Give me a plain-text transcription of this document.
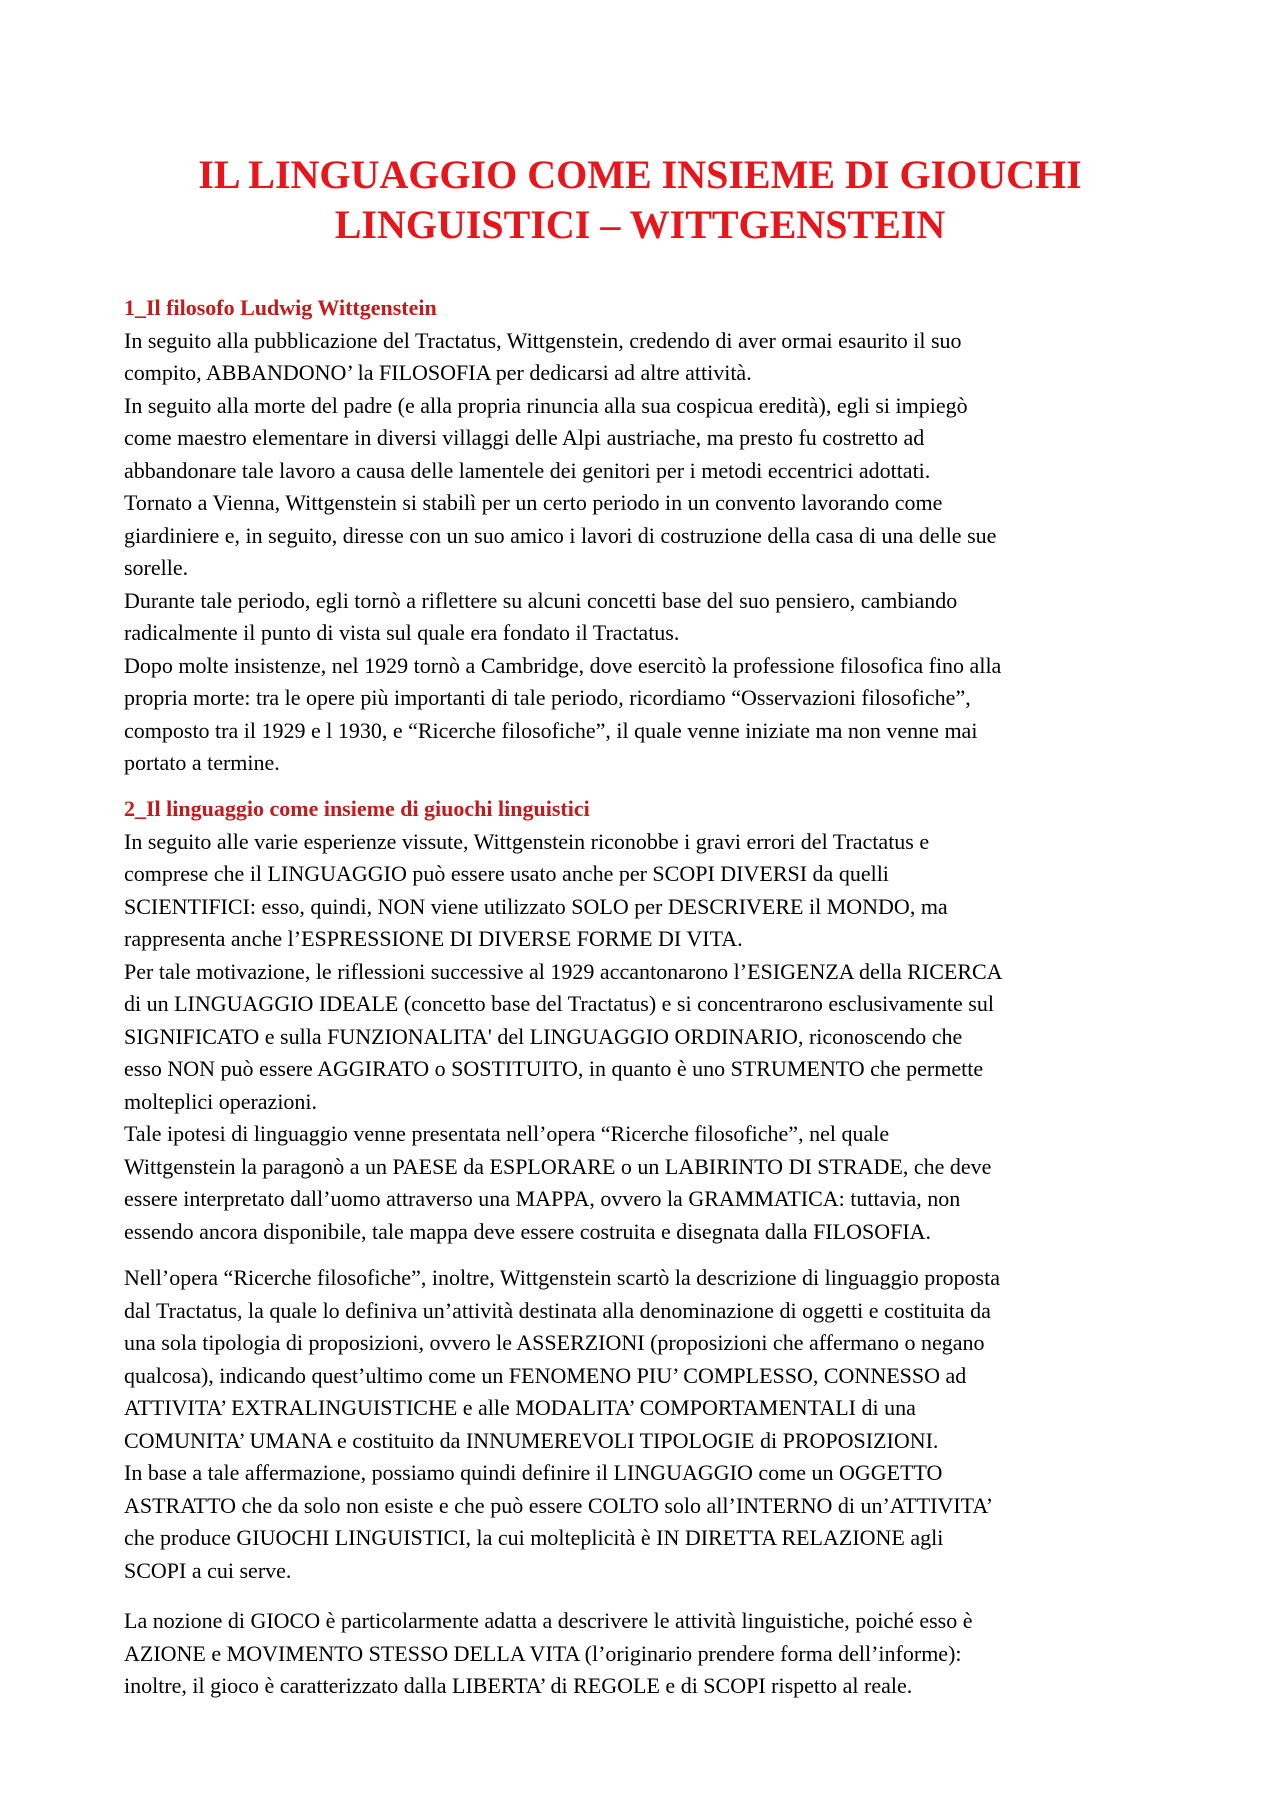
IL LINGUAGGIO COME INSIEME DI GIOUCHI
LINGUISTICI – WITTGENSTEIN

1_Il filosofo Ludwig Wittgenstein

In seguito alla pubblicazione del Tractatus, Wittgenstein, credendo di aver ormai esaurito il suo

compito, ABBANDONO’ la FILOSOFIA per dedicarsi ad altre attività.

In seguito alla morte del padre (e alla propria rinuncia alla sua cospicua eredità), egli si impiegò

come maestro elementare in diversi villaggi delle Alpi austriache, ma presto fu costretto ad

abbandonare tale lavoro a causa delle lamentele dei genitori per i metodi eccentrici adottati.

Tornato a Vienna, Wittgenstein si stabilì per un certo periodo in un convento lavorando come

giardiniere e, in seguito, diresse con un suo amico i lavori di costruzione della casa di una delle sue

sorelle.

Durante tale periodo, egli tornò a riflettere su alcuni concetti base del suo pensiero, cambiando

radicalmente il punto di vista sul quale era fondato il Tractatus.

Dopo molte insistenze, nel 1929 tornò a Cambridge, dove esercitò la professione filosofica fino alla

propria morte: tra le opere più importanti di tale periodo, ricordiamo “Osservazioni filosofiche”,

composto tra il 1929 e l 1930, e “Ricerche filosofiche”, il quale venne iniziate ma non venne mai

portato a termine.

2_Il linguaggio come insieme di giuochi linguistici

In seguito alle varie esperienze vissute, Wittgenstein riconobbe i gravi errori del Tractatus e

comprese che il LINGUAGGIO può essere usato anche per SCOPI DIVERSI da quelli

SCIENTIFICI: esso, quindi, NON viene utilizzato SOLO per DESCRIVERE il MONDO, ma

rappresenta anche l’ESPRESSIONE DI DIVERSE FORME DI VITA.

Per tale motivazione, le riflessioni successive al 1929 accantonarono l’ESIGENZA della RICERCA

di un LINGUAGGIO IDEALE (concetto base del Tractatus) e si concentrarono esclusivamente sul

SIGNIFICATO e sulla FUNZIONALITA' del LINGUAGGIO ORDINARIO, riconoscendo che

esso NON può essere AGGIRATO o SOSTITUITO, in quanto è uno STRUMENTO che permette

molteplici operazioni.

Tale ipotesi di linguaggio venne presentata nell’opera “Ricerche filosofiche”, nel quale

Wittgenstein la paragonò a un PAESE da ESPLORARE o un LABIRINTO DI STRADE, che deve

essere interpretato dall’uomo attraverso una MAPPA, ovvero la GRAMMATICA: tuttavia, non

essendo ancora disponibile, tale mappa deve essere costruita e disegnata dalla FILOSOFIA.

Nell’opera “Ricerche filosofiche”, inoltre, Wittgenstein scartò la descrizione di linguaggio proposta

dal Tractatus, la quale lo definiva un’attività destinata alla denominazione di oggetti e costituita da

una sola tipologia di proposizioni, ovvero le ASSERZIONI (proposizioni che affermano o negano

qualcosa), indicando quest’ultimo come un FENOMENO PIU’ COMPLESSO, CONNESSO ad

ATTIVITA’ EXTRALINGUISTICHE e alle MODALITA’ COMPORTAMENTALI di una

COMUNITA’ UMANA e costituito da INNUMEREVOLI TIPOLOGIE di PROPOSIZIONI.

In base a tale affermazione, possiamo quindi definire il LINGUAGGIO come un OGGETTO

ASTRATTO che da solo non esiste e che può essere COLTO solo all’INTERNO di un’ATTIVITA’

che produce GIUOCHI LINGUISTICI, la cui molteplicità è IN DIRETTA RELAZIONE agli

SCOPI a cui serve.

La nozione di GIOCO è particolarmente adatta a descrivere le attività linguistiche, poiché esso è

AZIONE e MOVIMENTO STESSO DELLA VITA (l’originario prendere forma dell’informe):

inoltre, il gioco è caratterizzato dalla LIBERTA’ di REGOLE e di SCOPI rispetto al reale.
